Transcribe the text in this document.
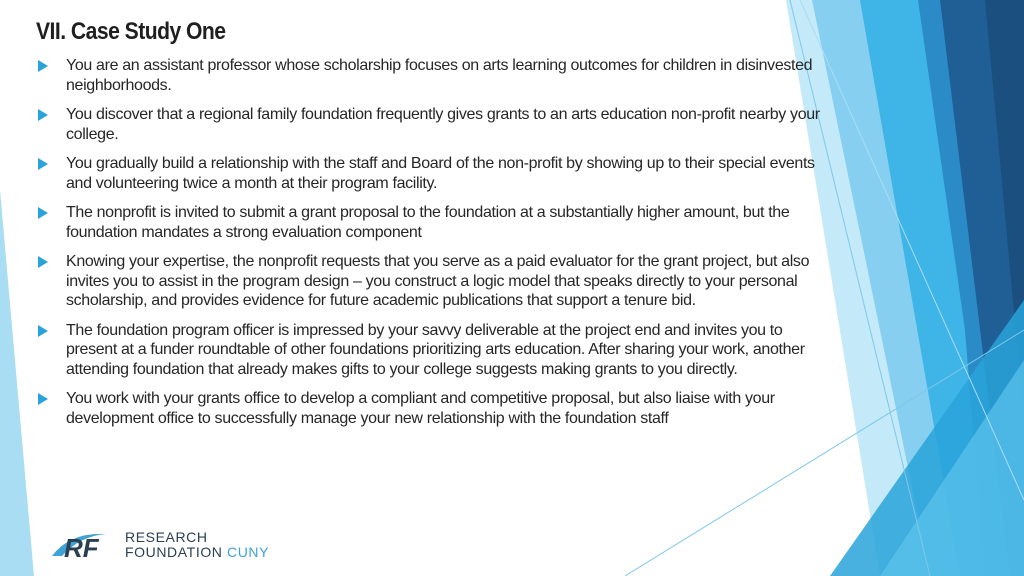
VII. Case Study One
You are an assistant professor whose scholarship focuses on arts learning outcomes for children in disinvested neighborhoods.
You discover that a regional family foundation frequently gives grants to an arts education non-profit nearby your college.
You gradually build a relationship with the staff and Board of the non-profit by showing up to their special events and volunteering twice a month at their program facility.
The nonprofit is invited to submit a grant proposal to the foundation at a substantially higher amount, but the foundation mandates a strong evaluation component
Knowing your expertise, the nonprofit requests that you serve as a paid evaluator for the grant project, but also invites you to assist in the program design – you construct a logic model that speaks directly to your personal scholarship, and provides evidence for future academic publications that support a tenure bid.
The foundation program officer is impressed by your savvy deliverable at the project end and invites you to present at a funder roundtable of other foundations prioritizing arts education. After sharing your work, another attending foundation that already makes gifts to your college suggests making grants to you directly.
You work with your grants office to develop a compliant and competitive proposal, but also liaise with your development office to successfully manage your new relationship with the foundation staff
RF RESEARCH
FOUNDATION CUNY
